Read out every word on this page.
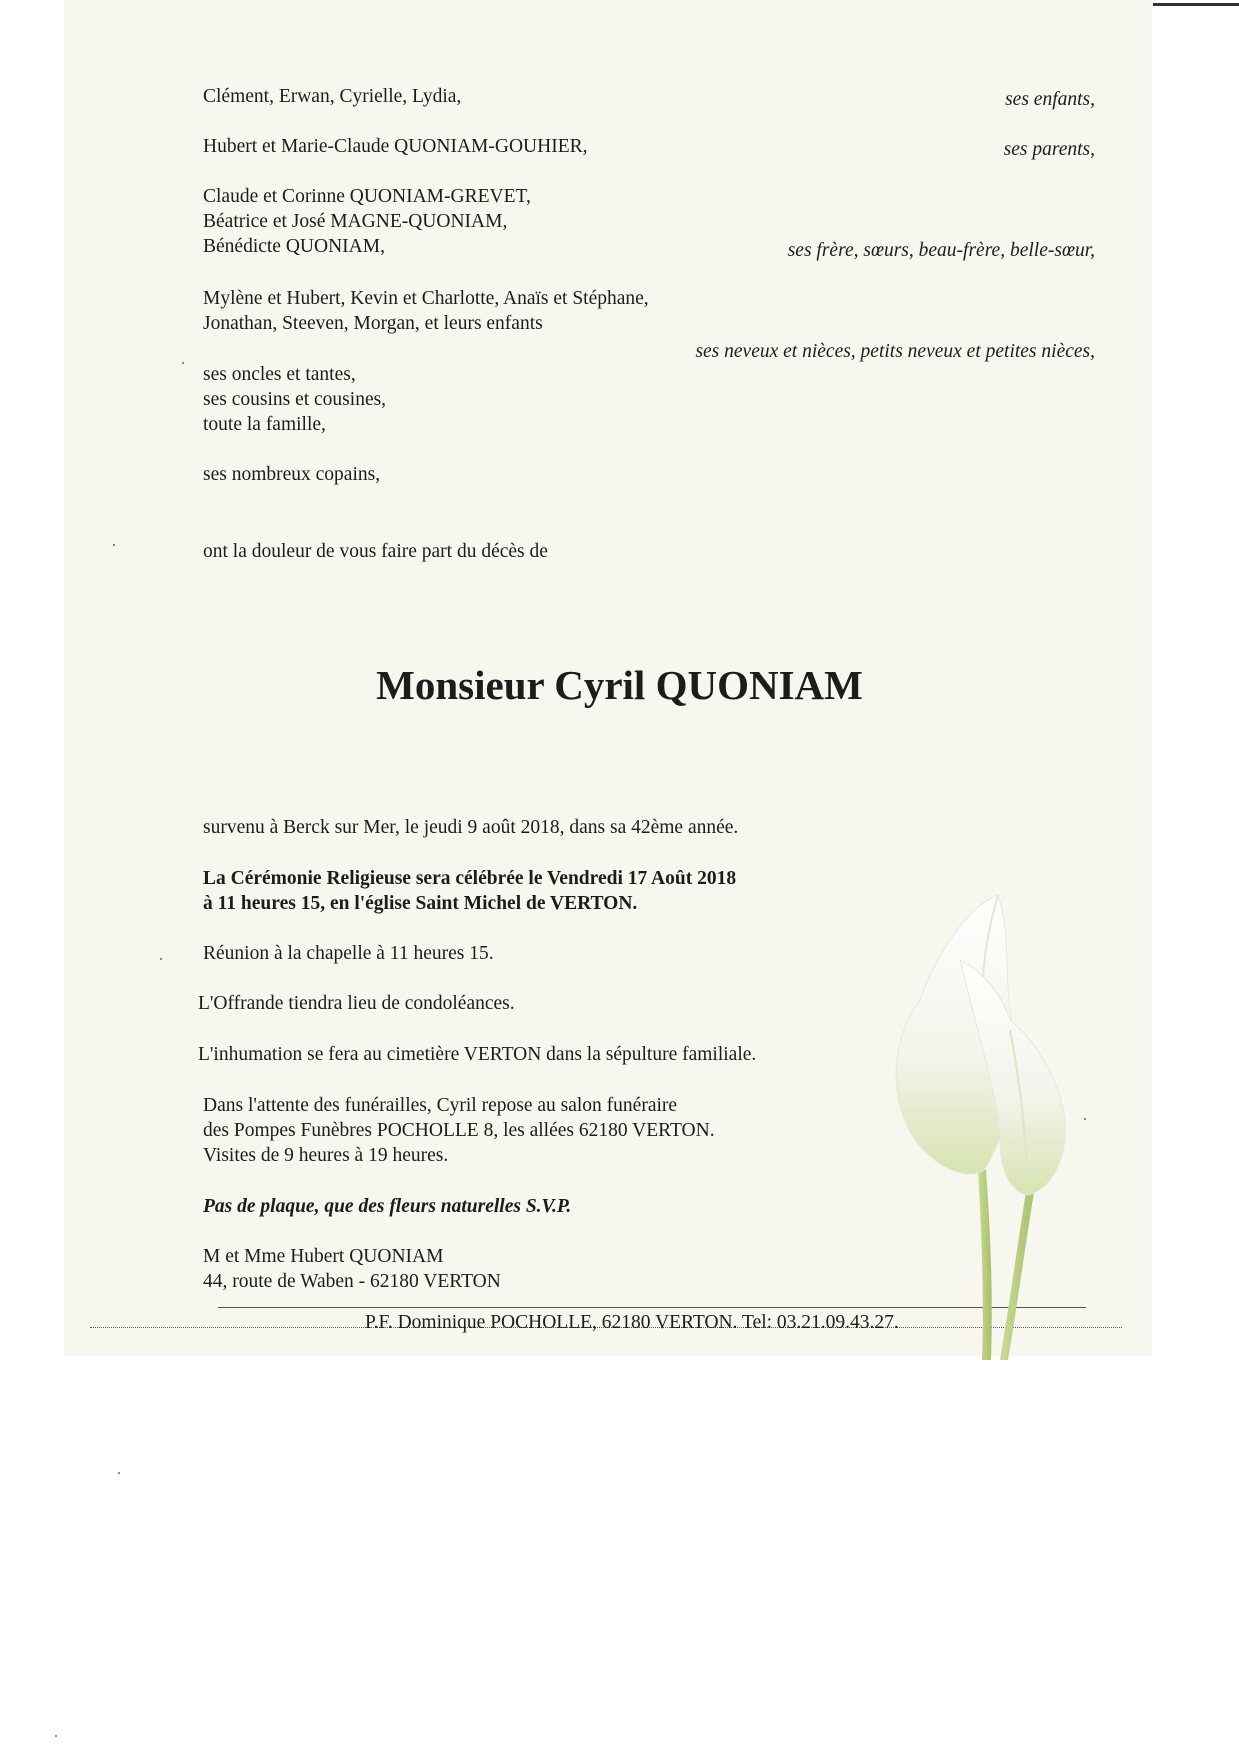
Clément, Erwan, Cyrielle, Lydia,	ses enfants,
Hubert et Marie-Claude QUONIAM-GOUHIER,	ses parents,
Claude et Corinne QUONIAM-GREVET,
Béatrice et José MAGNE-QUONIAM,
Bénédicte QUONIAM,	ses frère, sœurs, beau-frère, belle-sœur,
Mylène et Hubert, Kevin et Charlotte, Anaïs et Stéphane,
Jonathan, Steeven, Morgan, et leurs enfants
ses neveux et nièces, petits neveux et petites nièces,
ses oncles et tantes,
ses cousins et cousines,
toute la famille,
ses nombreux copains,
ont la douleur de vous faire part du décès de
Monsieur Cyril QUONIAM
survenu à Berck sur Mer, le jeudi 9 août 2018, dans sa 42ème année.
La Cérémonie Religieuse sera célébrée le Vendredi 17 Août 2018
à 11 heures 15, en l'église Saint Michel de VERTON.
Réunion à la chapelle à 11 heures 15.
L'Offrande tiendra lieu de condoléances.
L'inhumation se fera au cimetière VERTON dans la sépulture familiale.
Dans l'attente des funérailles, Cyril repose au salon funéraire
des Pompes Funèbres POCHOLLE 8, les allées 62180 VERTON.
Visites de 9 heures à 19 heures.
Pas de plaque, que des fleurs naturelles S.V.P.
M et Mme Hubert QUONIAM
44, route de Waben - 62180 VERTON
P.F. Dominique POCHOLLE, 62180 VERTON. Tel: 03.21.09.43.27.
